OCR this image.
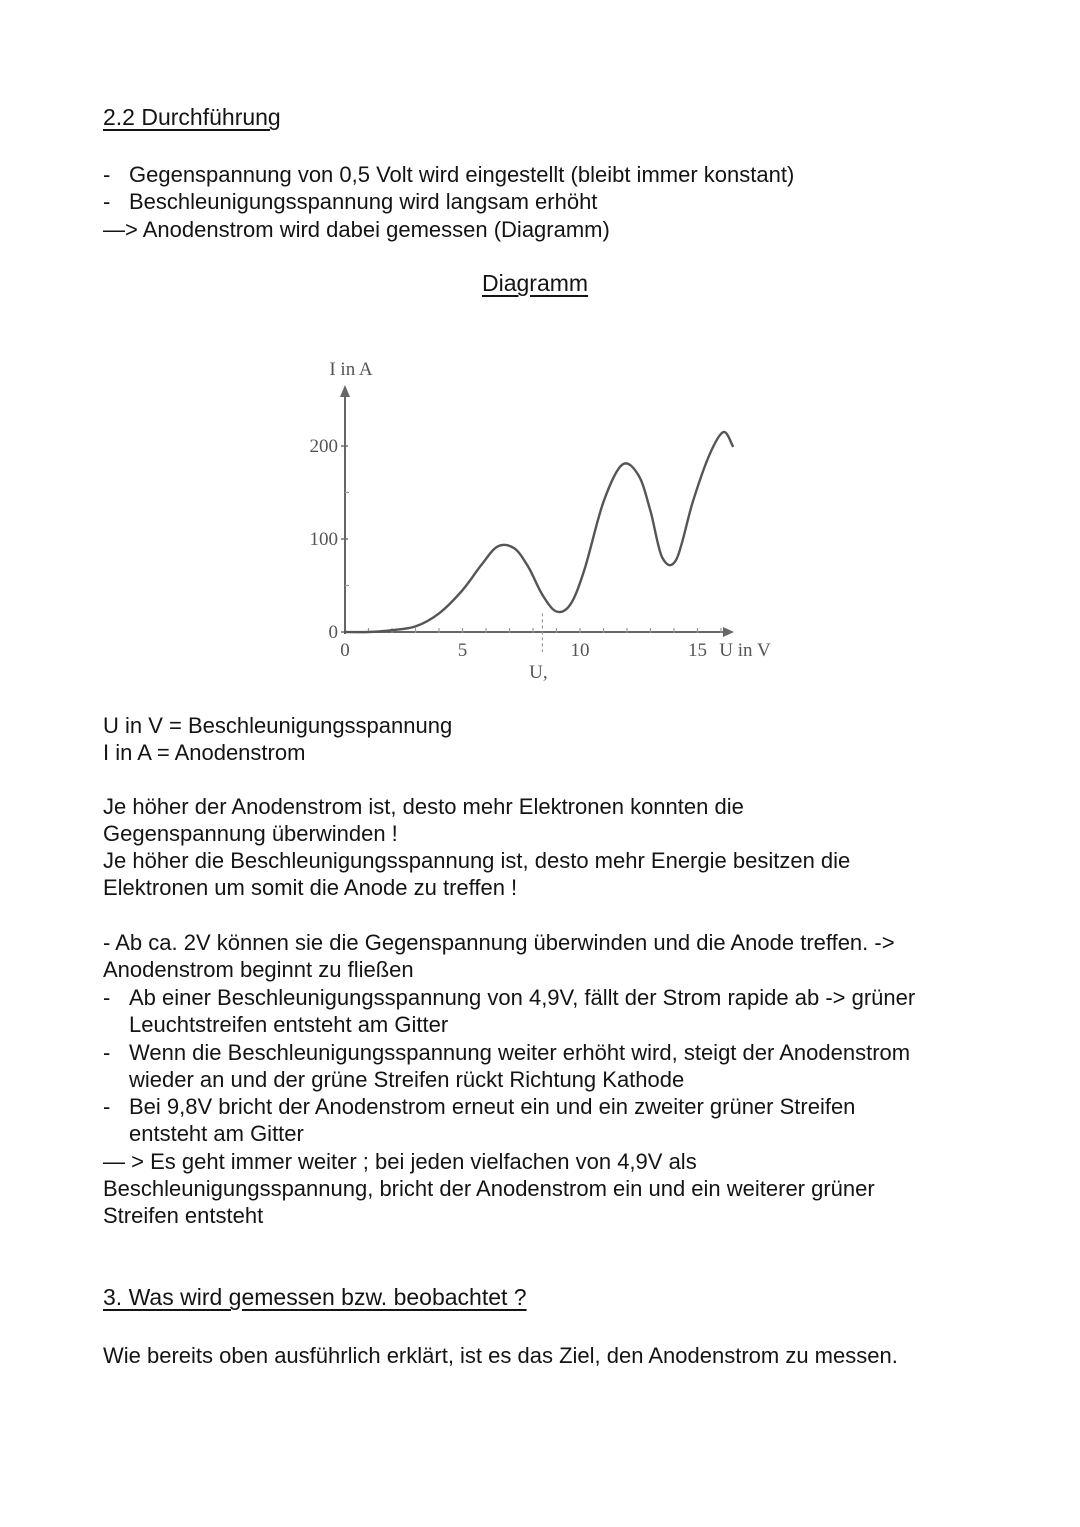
2.2 Durchführung
- Gegenspannung von 0,5 Volt wird eingestellt (bleibt immer konstant)
- Beschleunigungsspannung wird langsam erhöht
—> Anodenstrom wird dabei gemessen (Diagramm)
Diagramm
0	5	10	15
0
100
200
U,
I in A
U in V
U in V = Beschleunigungsspannung
I in A = Anodenstrom
Je höher der Anodenstrom ist, desto mehr Elektronen konnten die
Gegenspannung überwinden !
Je höher die Beschleunigungsspannung ist, desto mehr Energie besitzen die
Elektronen um somit die Anode zu treffen !
- Ab ca. 2V können sie die Gegenspannung überwinden und die Anode treffen. ->
Anodenstrom beginnt zu fließen
- Ab einer Beschleunigungsspannung von 4,9V, fällt der Strom rapide ab -> grüner
Leuchtstreifen entsteht am Gitter
- Wenn die Beschleunigungsspannung weiter erhöht wird, steigt der Anodenstrom
wieder an und der grüne Streifen rückt Richtung Kathode
- Bei 9,8V bricht der Anodenstrom erneut ein und ein zweiter grüner Streifen
entsteht am Gitter
— > Es geht immer weiter ; bei jeden vielfachen von 4,9V als
Beschleunigungsspannung, bricht der Anodenstrom ein und ein weiterer grüner
Streifen entsteht
3. Was wird gemessen bzw. beobachtet ?
Wie bereits oben ausführlich erklärt, ist es das Ziel, den Anodenstrom zu messen.
